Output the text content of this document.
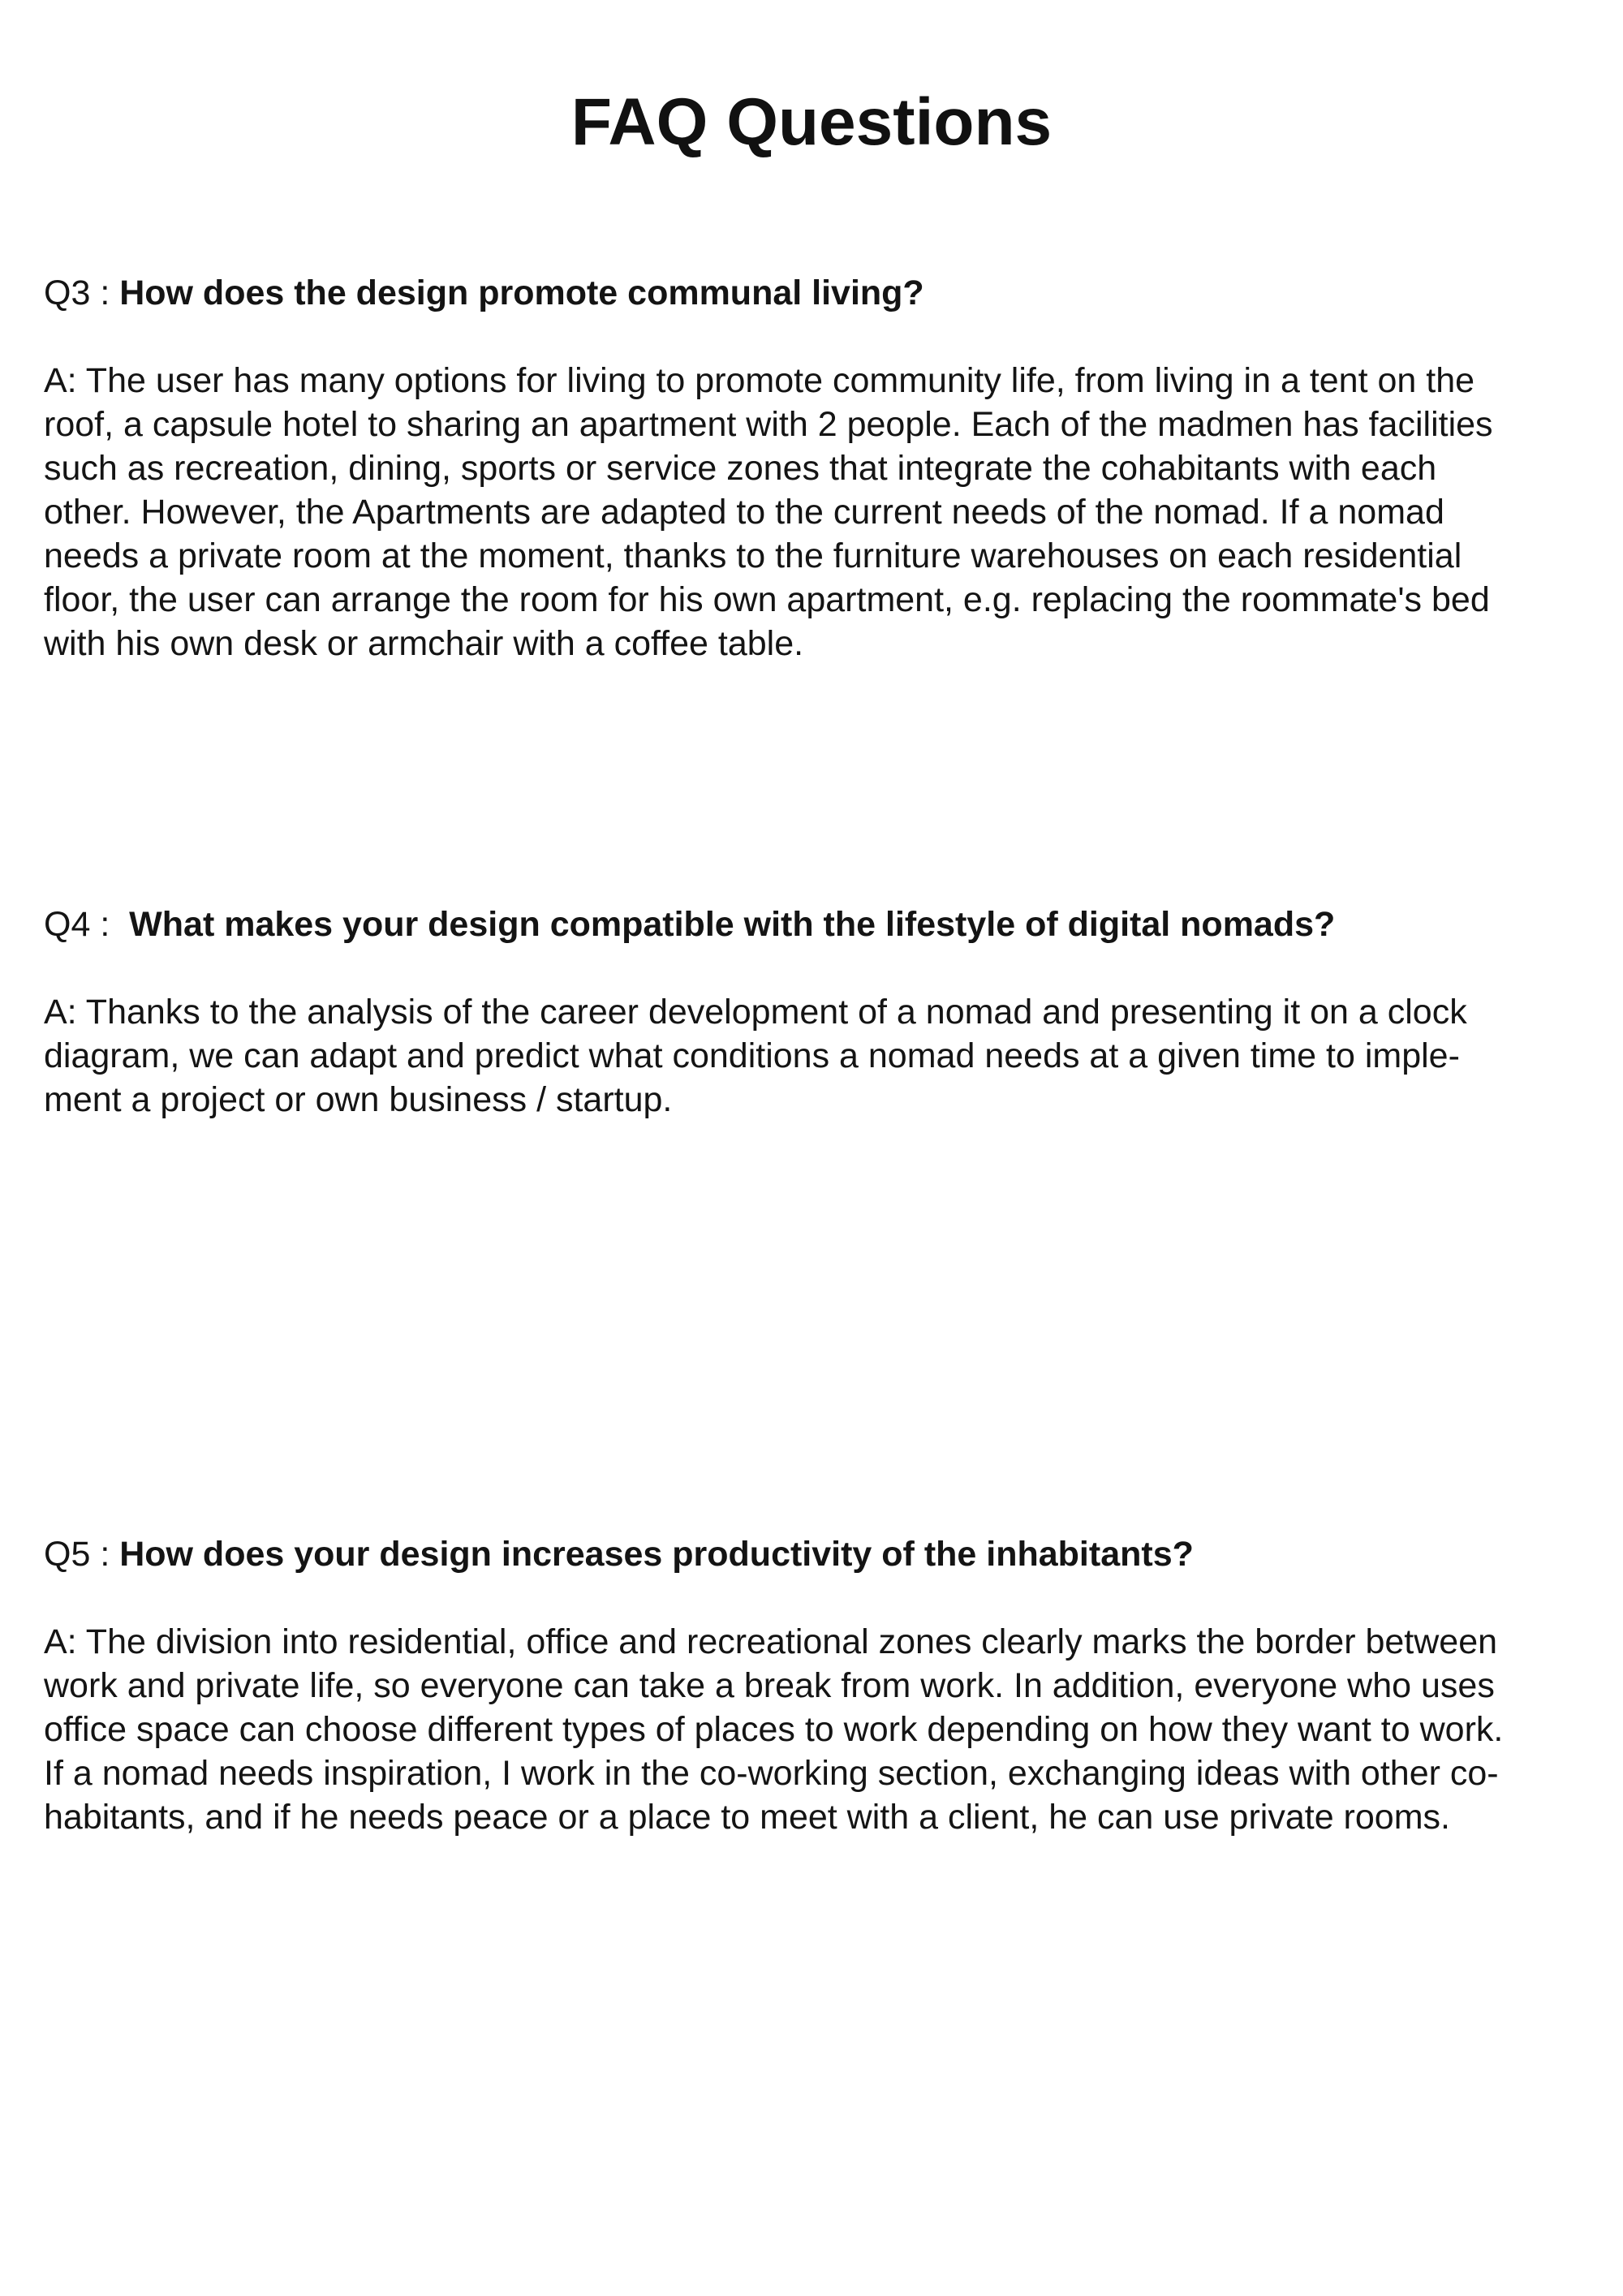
FAQ Questions

Q3 : How does the design promote communal living?

A: The user has many options for living to promote community life, from living in a tent on the
roof, a capsule hotel to sharing an apartment with 2 people. Each of the madmen has facilities
such as recreation, dining, sports or service zones that integrate the cohabitants with each
other. However, the Apartments are adapted to the current needs of the nomad. If a nomad
needs a private room at the moment, thanks to the furniture warehouses on each residential
floor, the user can arrange the room for his own apartment, e.g. replacing the roommate's bed
with his own desk or armchair with a coffee table.

Q4 :  What makes your design compatible with the lifestyle of digital nomads?

A: Thanks to the analysis of the career development of a nomad and presenting it on a clock
diagram, we can adapt and predict what conditions a nomad needs at a given time to imple-
ment a project or own business / startup.

Q5 : How does your design increases productivity of the inhabitants?

A: The division into residential, office and recreational zones clearly marks the border between
work and private life, so everyone can take a break from work. In addition, everyone who uses
office space can choose different types of places to work depending on how they want to work.
If a nomad needs inspiration, I work in the co-working section, exchanging ideas with other co-
habitants, and if he needs peace or a place to meet with a client, he can use private rooms.
